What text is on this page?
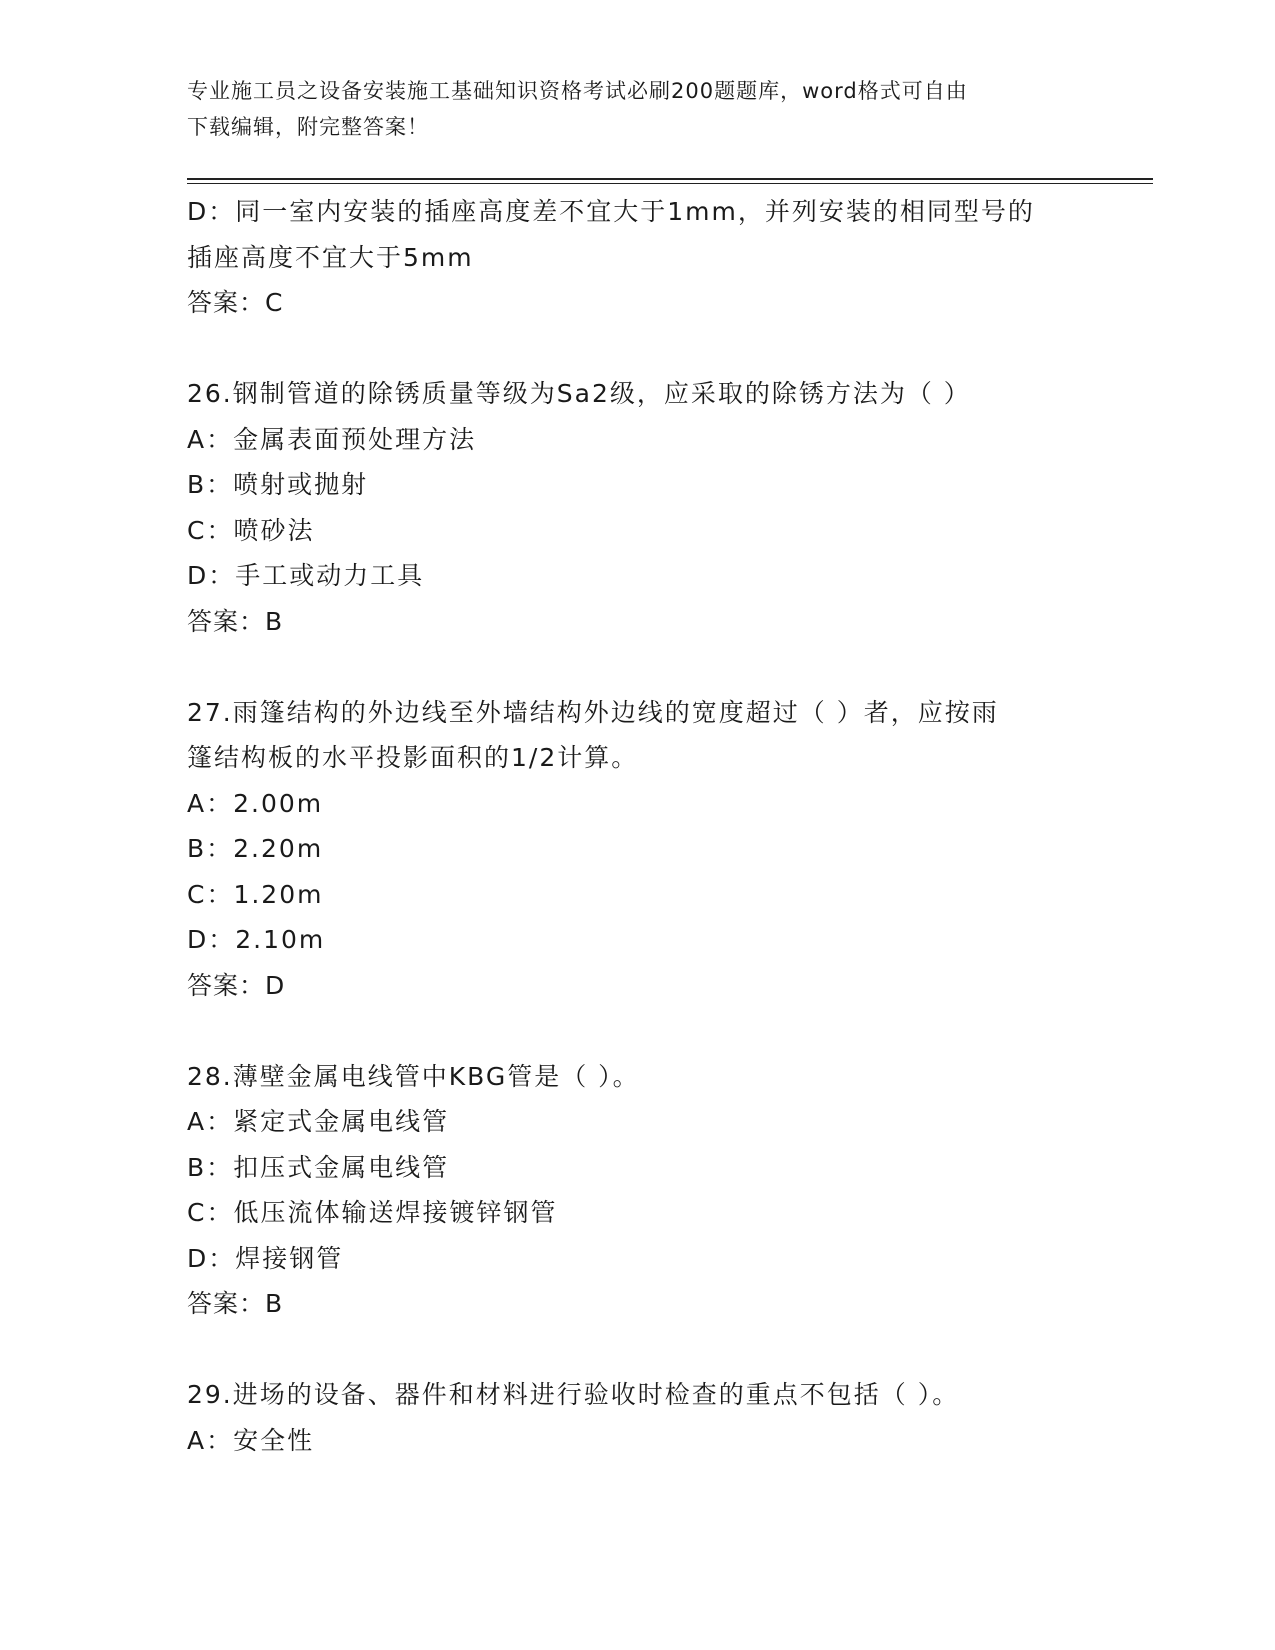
专业施工员之设备安装施工基础知识资格考试必刷200题题库，word格式可自由
下载编辑，附完整答案！
D：同一室内安装的插座高度差不宜大于1mm，并列安装的相同型号的
插座高度不宜大于5mm
答案：C
26.钢制管道的除锈质量等级为Sa2级，应采取的除锈方法为（ ）
A：金属表面预处理方法
B：喷射或抛射
C：喷砂法
D：手工或动力工具
答案：B
27.雨篷结构的外边线至外墙结构外边线的宽度超过（ ）者，应按雨
篷结构板的水平投影面积的1/2计算。
A：2.00m
B：2.20m
C：1.20m
D：2.10m
答案：D
28.薄壁金属电线管中KBG管是（ ）。
A：紧定式金属电线管
B：扣压式金属电线管
C：低压流体输送焊接镀锌钢管
D：焊接钢管
答案：B
29.进场的设备、器件和材料进行验收时检查的重点不包括（ ）。
A：安全性
